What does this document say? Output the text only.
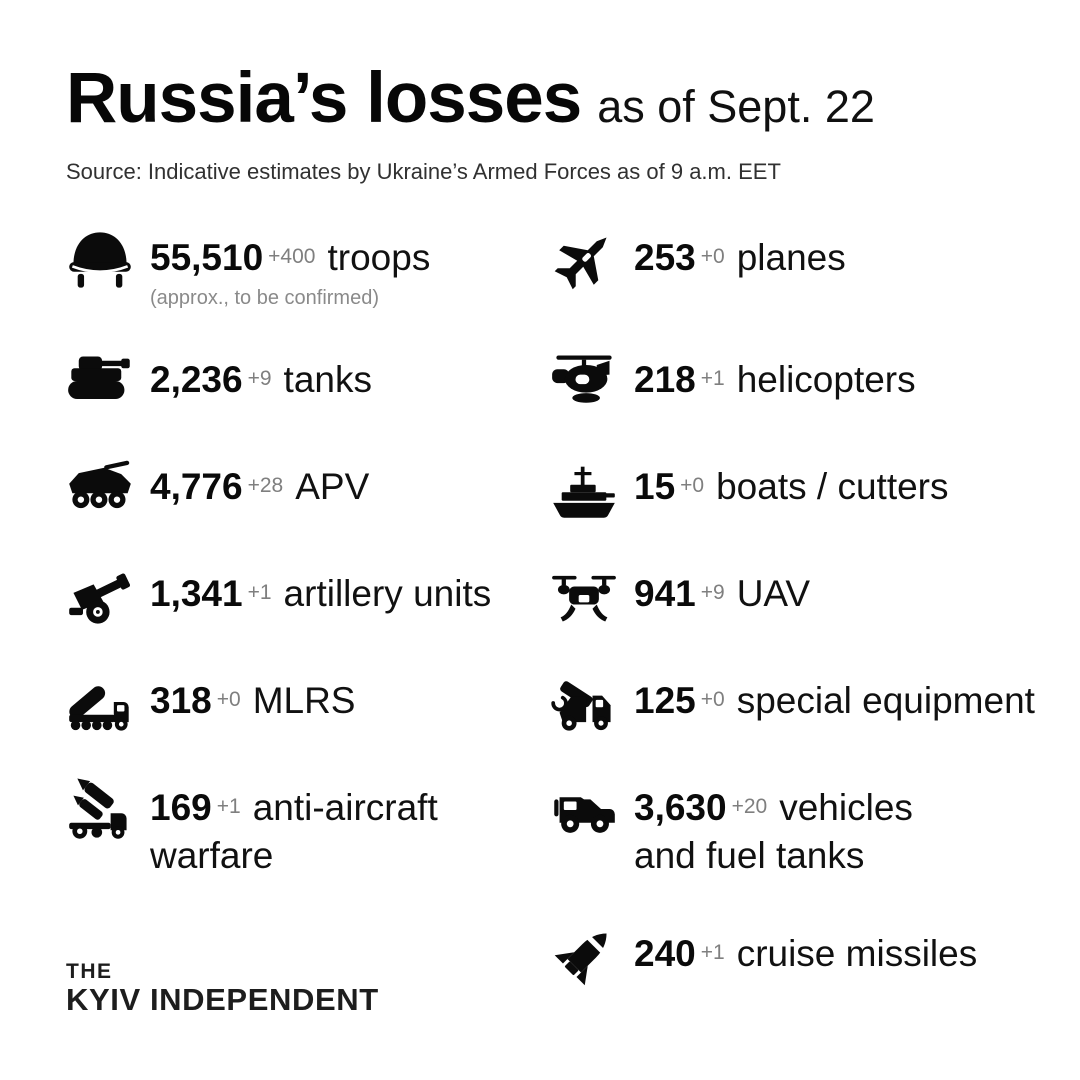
Russia’s losses as of Sept. 22
Source: Indicative estimates by Ukraine’s Armed Forces as of 9 a.m. EET
55,510 $^{+400}$ troops
(approx., to be confirmed)
2,236 $^{+9}$ tanks
4,776 $^{+28}$ APV
1,341 $^{+1}$ artillery units
318 $^{+0}$ MLRS
169 $^{+1}$ anti-aircraft
warfare
253 $^{+0}$ planes
218 $^{+1}$ helicopters
15 $^{+0}$ boats / cutters
941 $^{+9}$ UAV
125 $^{+0}$ special equipment
3,630 $^{+20}$ vehicles
and fuel tanks
240 $^{+1}$ cruise missiles
THE
KYIV INDEPENDENT
